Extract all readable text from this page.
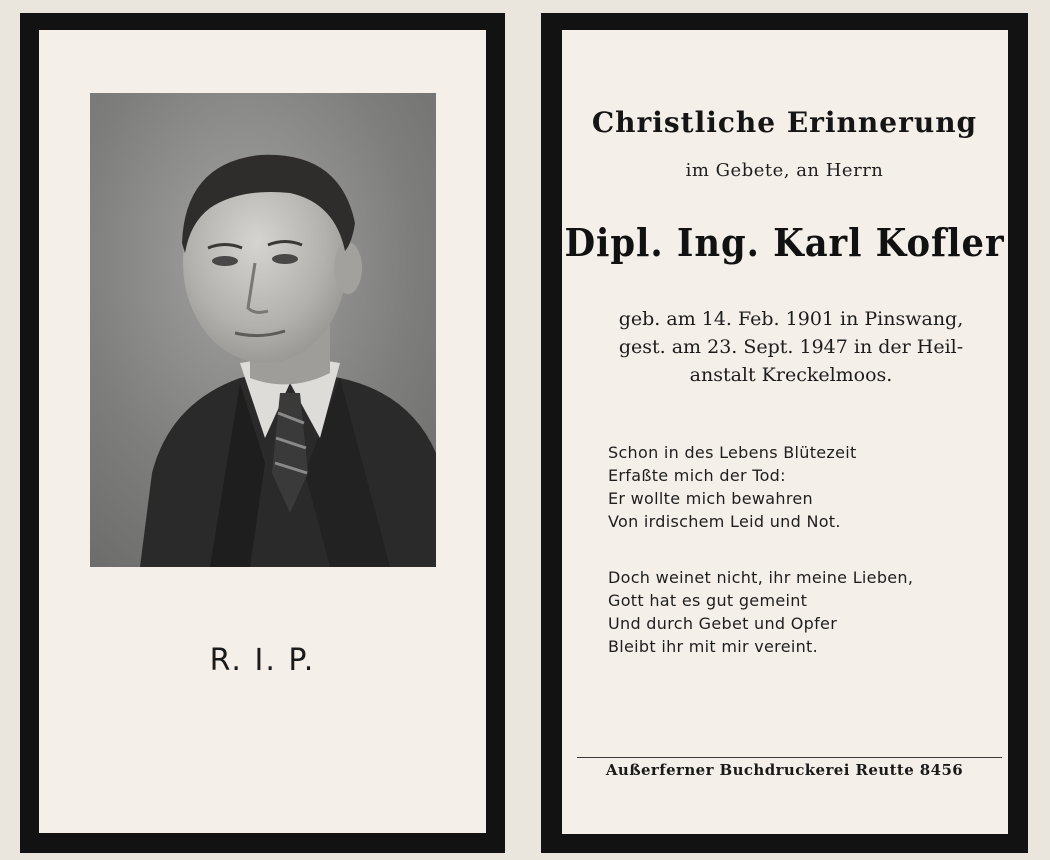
R. I. P.
Christliche Erinnerung
im Gebete, an Herrn
Dipl. Ing. Karl Kofler
geb. am 14. Feb. 1901 in Pinswang,
gest. am 23. Sept. 1947 in der Heil-
anstalt Kreckelmoos.
Schon in des Lebens Blütezeit
Erfaßte mich der Tod:
Er wollte mich bewahren
Von irdischem Leid und Not.
Doch weinet nicht, ihr meine Lieben,
Gott hat es gut gemeint
Und durch Gebet und Opfer
Bleibt ihr mit mir vereint.
Außerferner Buchdruckerei Reutte 8456
